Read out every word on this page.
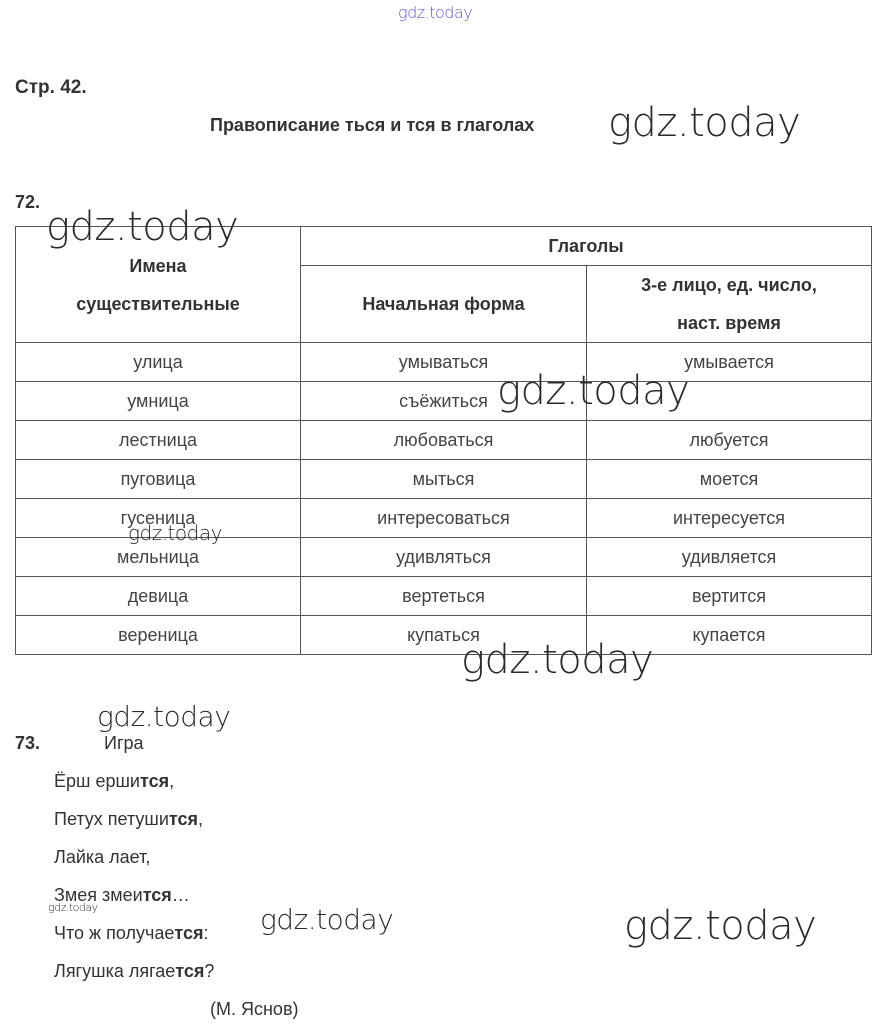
gdz.today
Стр. 42.
Правописание ться и тся в глаголах gdz.today
72.
Имена
существительные	Глаголы	
	Начальная форма	3-е лицо, ед. число,
наст. время

улица	умываться	умывается
умница	съёжиться	
лестница	любоваться	любуется
пуговица	мыться	моется
гусеница	интересоваться	интересуется
мельница	удивляться	удивляется
девица	вертеться	вертится
вереница	купаться	купается
gdz.today
gdz.today
gdz.today
gdz.today
gdz.today
73.	Игра
Ёрш ершится,
Петух петушится,
Лайка лает,
Змея змеится…
gdz.today
Что ж получается:
Лягушка лягается?
(М. Яснов)
gdz.today	gdz.today
